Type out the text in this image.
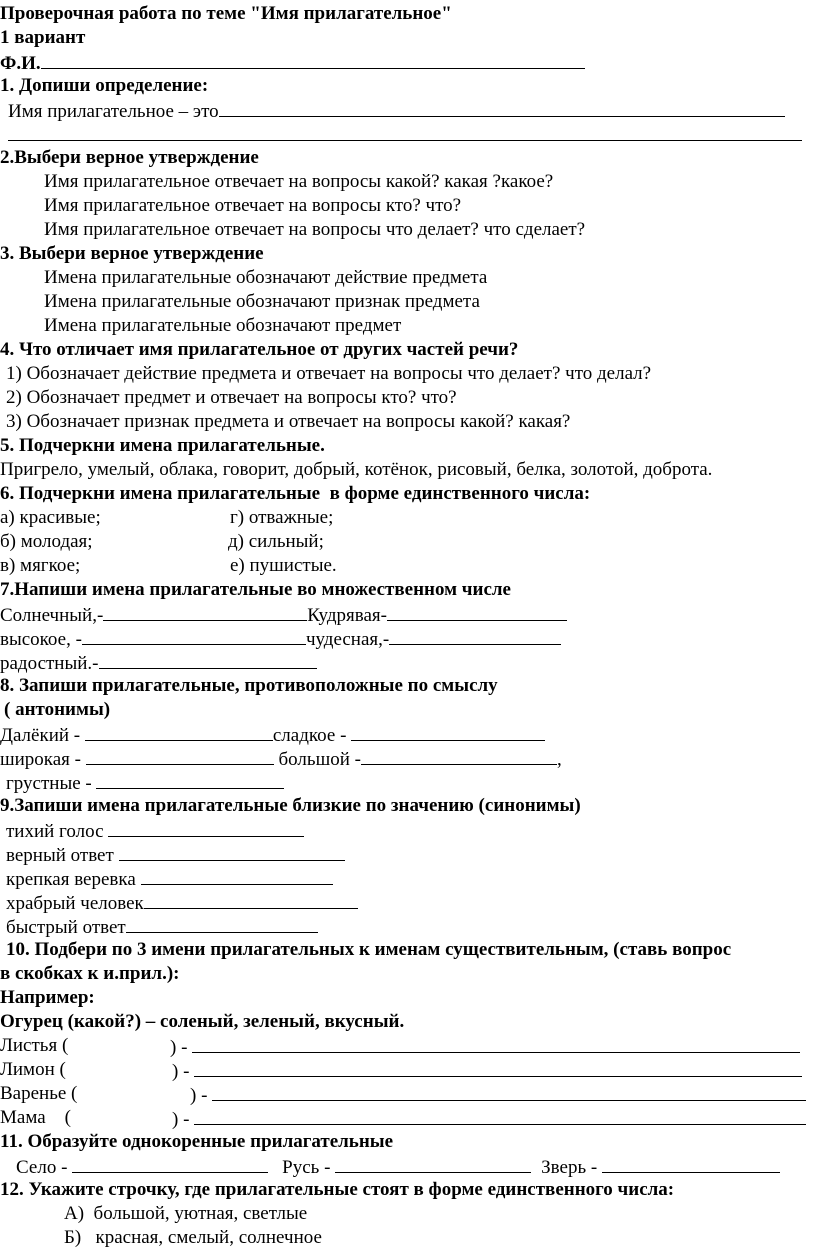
Проверочная работа по теме "Имя прилагательное"
1 вариант
Ф.И.
1. Допиши определение:
Имя прилагательное – это
2.Выбери верное утверждение
Имя прилагательное отвечает на вопросы какой? какая ?какое?
Имя прилагательное отвечает на вопросы кто? что?
Имя прилагательное отвечает на вопросы что делает? что сделает?
3. Выбери верное утверждение
Имена прилагательные обозначают действие предмета
Имена прилагательные обозначают признак предмета
Имена прилагательные обозначают предмет
4. Что отличает имя прилагательное от других частей речи?
1) Обозначает действие предмета и отвечает на вопросы что делает? что делал?
2) Обозначает предмет и отвечает на вопросы кто? что?
3) Обозначает признак предмета и отвечает на вопросы какой? какая?
5. Подчеркни имена прилагательные.
Пригрело, умелый, облака, говорит, добрый, котёнок, рисовый, белка, золотой, доброта.
6. Подчеркни имена прилагательные  в форме единственного числа:
а) красивые;	г) отважные;
б) молодая;	д) сильный;
в) мягкое;	е) пушистые.
7.Напиши имена прилагательные во множественном числе
Солнечный,-	Кудрявая-
высокое, -	чудесная,-
радостный.-
8. Запиши прилагательные, противоположные по смыслу
( антонимы)
Далёкий -	сладкое -
широкая -	большой -	,
грустные -
9.Запиши имена прилагательные близкие по значению (синонимы)
тихий голос
верный ответ
крепкая веревка
храбрый человек
быстрый ответ
10. Подбери по 3 имени прилагательных к именам существительным, (ставь вопрос
в скобках к и.прил.):
Например:
Огурец (какой?) – соленый, зеленый, вкусный.
Листья (	) -
Лимон (	) -
Варенье (	) -
Мама    (	) -
11. Образуйте однокоренные прилагательные
Село -	Русь -	Зверь -
12. Укажите строчку, где прилагательные стоят в форме единственного числа:
А)  большой, уютная, светлые
Б)   красная, смелый, солнечное
